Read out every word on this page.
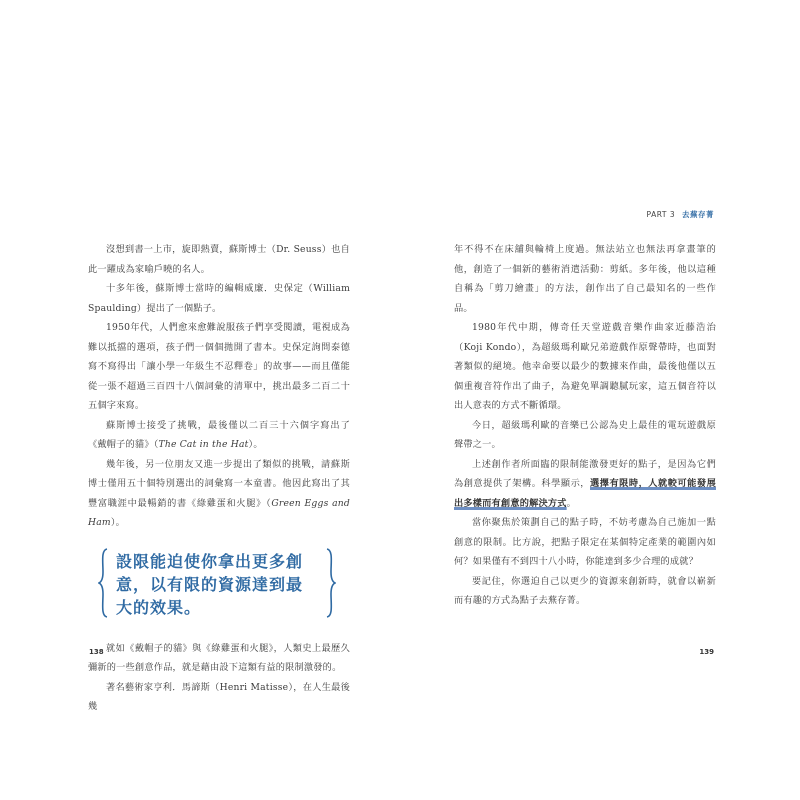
PART 3 去蕪存菁

沒想到書一上市，旋即熱賣，蘇斯博士（Dr. Seuss）也自此一躍成為家喻戶曉的名人。

十多年後，蘇斯博士當時的編輯威廉．史保定（William Spaulding）提出了一個點子。

1950年代，人們愈來愈難說服孩子們享受閱讀，電視成為難以抵擋的選項，孩子們一個個拋開了書本。史保定詢問泰德寫不寫得出「讓小學一年級生不忍釋卷」的故事——而且僅能從一張不超過三百四十八個詞彙的清單中，挑出最多二百二十五個字來寫。

蘇斯博士接受了挑戰，最後僅以二百三十六個字寫出了《戴帽子的貓》（The Cat in the Hat）。

幾年後，另一位朋友又進一步提出了類似的挑戰，請蘇斯博士僅用五十個特別選出的詞彙寫一本童書。他因此寫出了其豐富職涯中最暢銷的書《綠雞蛋和火腿》（Green Eggs and Ham）。

設限能迫使你拿出更多創意，以有限的資源達到最大的效果。

就如《戴帽子的貓》與《綠雞蛋和火腿》，人類史上最歷久彌新的一些創意作品，就是藉由設下這類有益的限制激發的。

著名藝術家亨利．馬諦斯（Henri Matisse），在人生最後幾

年不得不在床舖與輪椅上度過。無法站立也無法再拿畫筆的他，創造了一個新的藝術消遣活動：剪紙。多年後，他以這種自稱為「剪刀繪畫」的方法，創作出了自己最知名的一些作品。

1980年代中期，傳奇任天堂遊戲音樂作曲家近藤浩治（Koji Kondo），為超級瑪利歐兄弟遊戲作原聲帶時，也面對著類似的絕境。他幸命要以最少的數據來作曲，最後他僅以五個重複音符作出了曲子，為避免單調聽膩玩家，這五個音符以出人意表的方式不斷循環。

今日，超級瑪利歐的音樂已公認為史上最佳的電玩遊戲原聲帶之一。

上述創作者所面臨的限制能激發更好的點子，是因為它們為創意提供了架構。科學顯示，選擇有限時，人就較可能發展出多樣而有創意的解決方式。

當你聚焦於策劃自己的點子時，不妨考慮為自己施加一點創意的限制。比方說，把點子限定在某個特定產業的範圍內如何？如果僅有不到四十八小時，你能達到多少合理的成就？

要記住，你選迫自己以更少的資源來創新時，就會以嶄新而有趣的方式為點子去蕪存菁。

138	139
